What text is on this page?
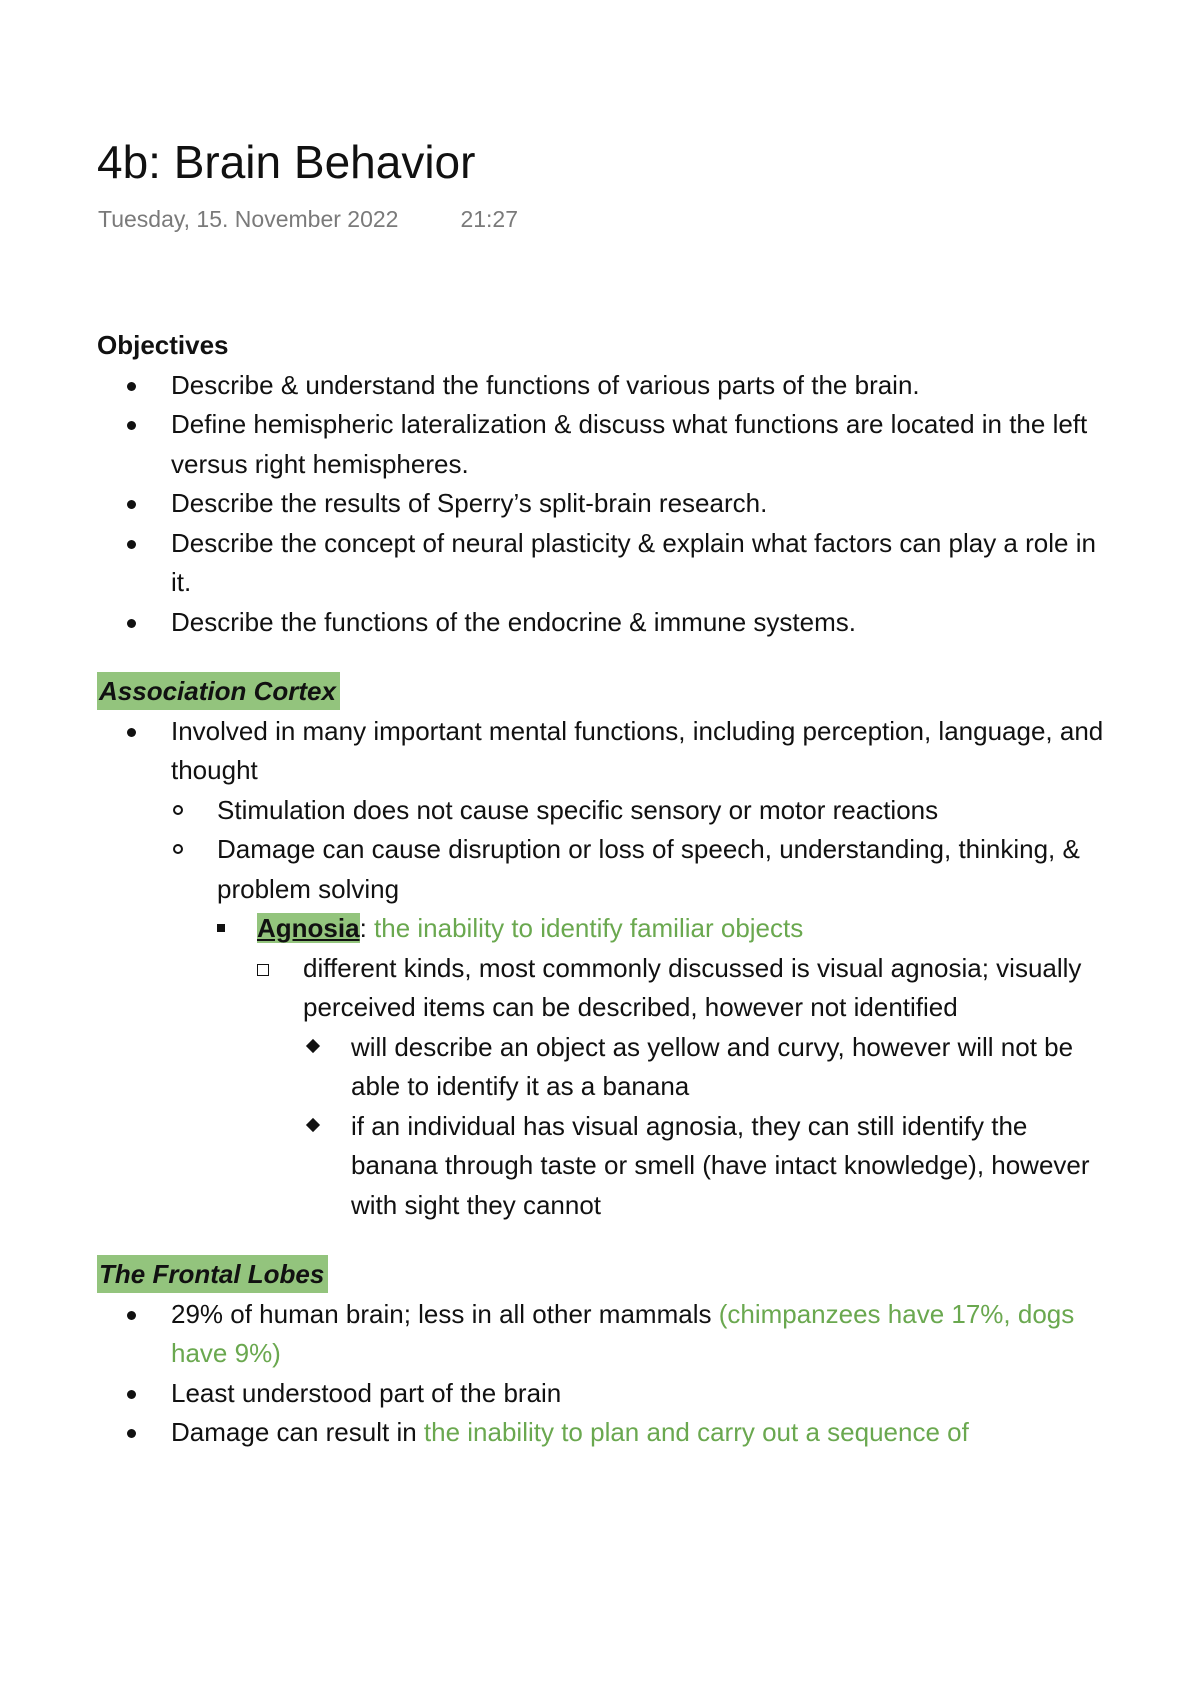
4b: Brain Behavior
Tuesday, 15. November 2022	21:27
Objectives
Describe & understand the functions of various parts of the brain.
Define hemispheric lateralization & discuss what functions are located in the left versus right hemispheres.
Describe the results of Sperry’s split-brain research.
Describe the concept of neural plasticity & explain what factors can play a role in it.
Describe the functions of the endocrine & immune systems.
Association Cortex
Involved in many important mental functions, including perception, language, and thought
Stimulation does not cause specific sensory or motor reactions
Damage can cause disruption or loss of speech, understanding, thinking, & problem solving
Agnosia: the inability to identify familiar objects
different kinds, most commonly discussed is visual agnosia; visually perceived items can be described, however not identified
will describe an object as yellow and curvy, however will not be able to identify it as a banana
if an individual has visual agnosia, they can still identify the banana through taste or smell (have intact knowledge), however with sight they cannot
The Frontal Lobes
29% of human brain; less in all other mammals (chimpanzees have 17%, dogs have 9%)
Least understood part of the brain
Damage can result in the inability to plan and carry out a sequence of
